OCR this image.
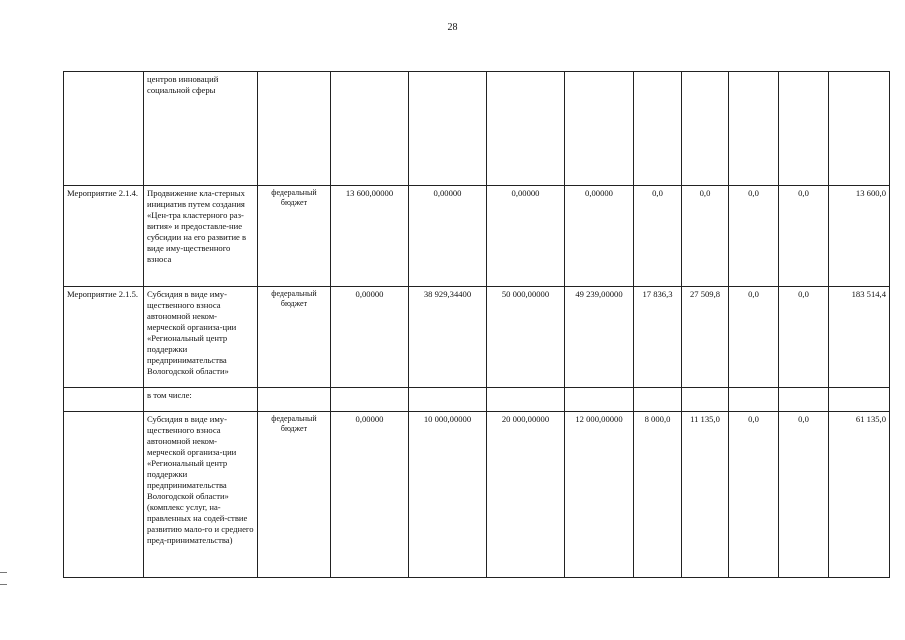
28
	центров инноваций социальной сферы										
Мероприятие 2.1.4.	Продвижение кла-стерных инициатив путем создания «Цен-тра кластерного раз-вития» и предоставле-ние субсидии на его развитие в виде иму-щественного взноса	федеральный бюджет	13 600,00000	0,00000	0,00000	0,00000	0,0	0,0	0,0	0,0	13 600,0
Мероприятие 2.1.5.	Субсидия в виде иму-щественного взноса автономной неком-мерческой организа-ции «Региональный центр поддержки предпринимательства Вологодской области»	федеральный бюджет	0,00000	38 929,34400	50 000,00000	49 239,00000	17 836,3	27 509,8	0,0	0,0	183 514,4
	в том числе:										
	Субсидия в виде иму-щественного взноса автономной неком-мерческой организа-ции «Региональный центр поддержки предпринимательства Вологодской области» (комплекс услуг, на-правленных на содей-ствие развитию мало-го и среднего пред-принимательства)	федеральный бюджет	0,00000	10 000,00000	20 000,00000	12 000,00000	8 000,0	11 135,0	0,0	0,0	61 135,0
